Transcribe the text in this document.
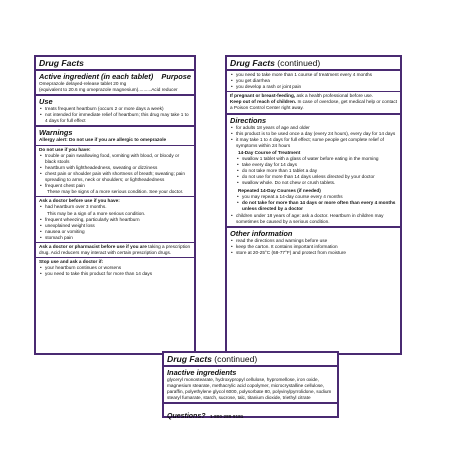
Drug Facts
Active ingredient (in each tablet) Purpose
Omeprazole delayed-release tablet 20 mg
(equivalent to 20.6 mg omeprazole magnesium)..........Acid reducer
Use
• treats frequent heartburn (occurs 2 or more days a week)
• not intended for immediate relief of heartburn; this drug may take 1 to 4 days for full effect
Warnings
Allergy alert: Do not use if you are allergic to omeprazole
Do not use if you have:
• trouble or pain swallowing food, vomiting with blood, or bloody or black stools
• heartburn with lightheadedness, sweating or dizziness
• chest pain or shoulder pain with shortness of breath; sweating; pain spreading to arms, neck or shoulders; or lightheadedness
• frequent chest pain
These may be signs of a more serious condition. See your doctor.
Ask a doctor before use if you have:
• had heartburn over 3 months.
This may be a sign of a more serious condition.
• frequent wheezing, particularly with heartburn
• unexplained weight loss
• nausea or vomiting
• stomach pain
Ask a doctor or pharmacist before use if you are taking a prescription drug. Acid reducers may interact with certain prescription drugs.
Stop use and ask a doctor if:
• your heartburn continues or worsens
• you need to take this product for more than 14 days
Drug Facts (continued)
• you need to take more than 1 course of treatment every 4 months
• you get diarrhea
• you develop a rash or joint pain
If pregnant or breast-feeding, ask a health professional before use.
Keep out of reach of children. In case of overdose, get medical help or contact a Poison Control Center right away.
Directions
• for adults 18 years of age and older
• this product is to be used once a day (every 24 hours), every day for 14 days
• it may take 1 to 4 days for full effect; some people get complete relief of symptoms within 24 hours
14-Day Course of Treatment
• swallow 1 tablet with a glass of water before eating in the morning
• take every day for 14 days
• do not take more than 1 tablet a day
• do not use for more than 14 days unless directed by your doctor
• swallow whole. Do not chew or crush tablets.
Repeated 14-Day Courses (if needed)
• you may repeat a 14-day course every 4 months
• do not take for more than 14 days or more often than every 4 months unless directed by a doctor
• children under 18 years of age: ask a doctor. Heartburn in children may sometimes be caused by a serious condition.
Other information
• read the directions and warnings before use
• keep the carton. It contains important information
• store at 20-25°C (68-77°F) and protect from moisture
Drug Facts (continued)
Inactive ingredients
glyceryl monostearate, hydroxypropyl cellulose, hypromellose, iron oxide, magnesium stearate, methacrylic acid copolymer, microcrystalline cellulose, paraffin, polyethylene glycol 6000, polysorbate 80, polyvinylpyrrolidone, sodium stearyl fumarate, starch, sucrose, talc, titanium dioxide, triethyl citrate
Questions? 1-800-289-9181
